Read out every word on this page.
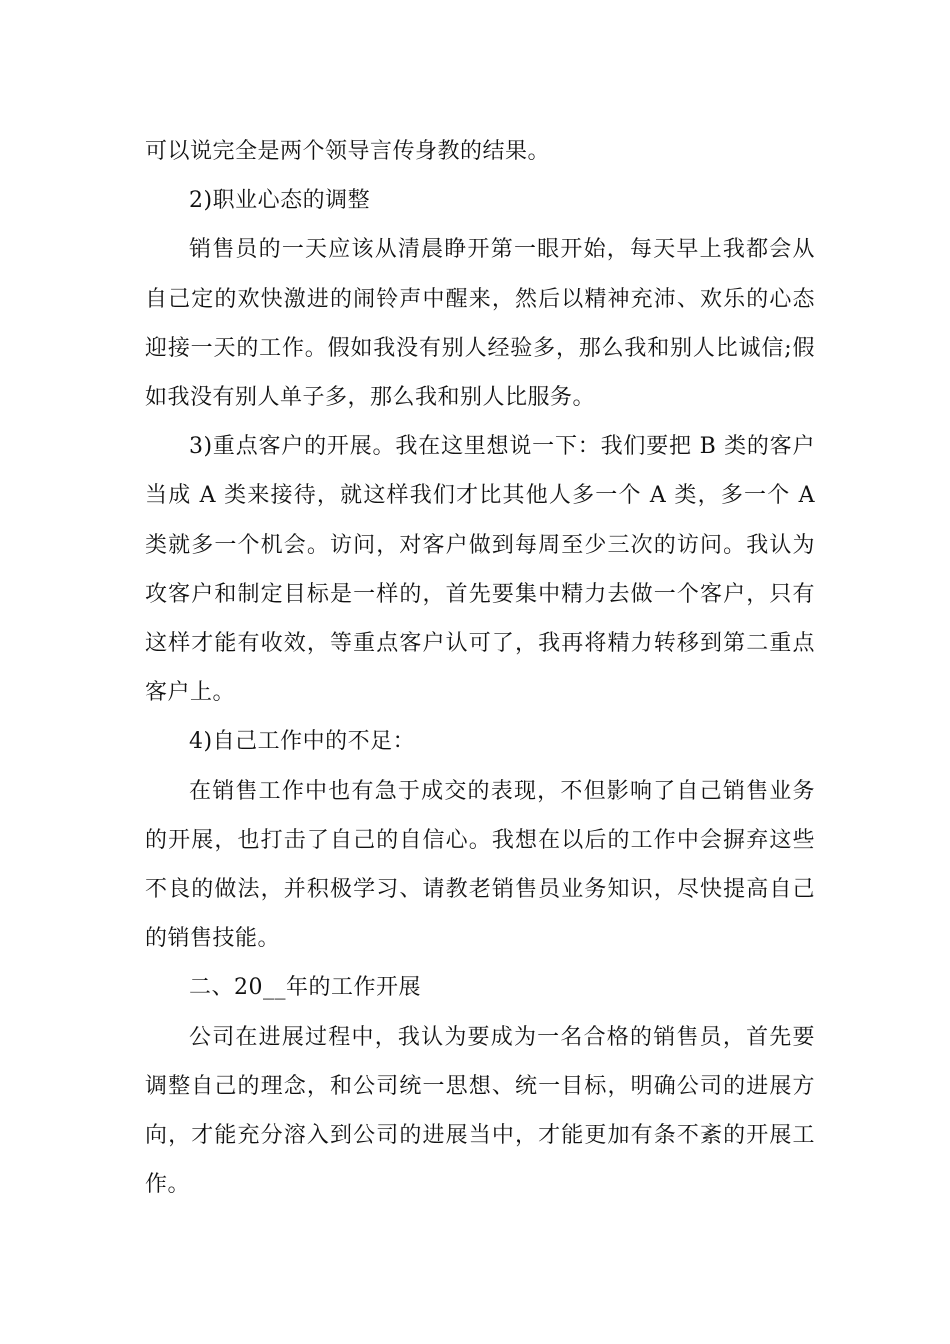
可以说完全是两个领导言传身教的结果。

2)职业心态的调整

销售员的一天应该从清晨睁开第一眼开始，每天早上我都会从自己定的欢快激进的闹铃声中醒来，然后以精神充沛、欢乐的心态迎接一天的工作。假如我没有别人经验多，那么我和别人比诚信;假如我没有别人单子多，那么我和别人比服务。

3)重点客户的开展。我在这里想说一下：我们要把 B 类的客户当成 A 类来接待，就这样我们才比其他人多一个 A 类，多一个 A 类就多一个机会。访问，对客户做到每周至少三次的访问。我认为攻客户和制定目标是一样的，首先要集中精力去做一个客户，只有这样才能有收效，等重点客户认可了，我再将精力转移到第二重点客户上。

4)自己工作中的不足：

在销售工作中也有急于成交的表现，不但影响了自己销售业务的开展，也打击了自己的自信心。我想在以后的工作中会摒弃这些不良的做法，并积极学习、请教老销售员业务知识，尽快提高自己的销售技能。

二、20__年的工作开展

公司在进展过程中，我认为要成为一名合格的销售员，首先要调整自己的理念，和公司统一思想、统一目标，明确公司的进展方向，才能充分溶入到公司的进展当中，才能更加有条不紊的开展工作。
